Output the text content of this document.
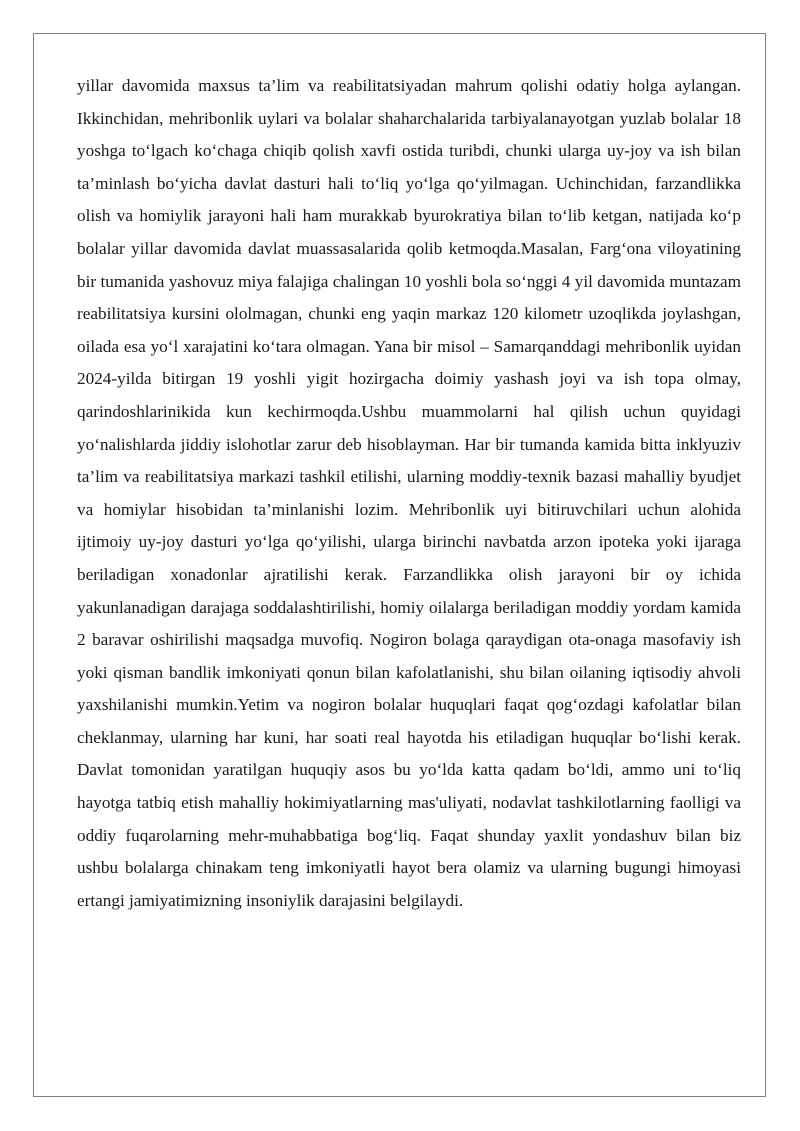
yillar davomida maxsus ta’lim va reabilitatsiyadan mahrum qolishi odatiy holga aylangan. Ikkinchidan, mehribonlik uylari va bolalar shaharchalarida tarbiyalanayotgan yuzlab bolalar 18 yoshga to‘lgach ko‘chaga chiqib qolish xavfi ostida turibdi, chunki ularga uy-joy va ish bilan ta’minlash bo‘yicha davlat dasturi hali to‘liq yo‘lga qo‘yilmagan. Uchinchidan, farzandlikka olish va homiylik jarayoni hali ham murakkab byurokratiya bilan to‘lib ketgan, natijada ko‘p bolalar yillar davomida davlat muassasalarida qolib ketmoqda.Masalan, Farg‘ona viloyatining bir tumanida yashovuz miya falajiga chalingan 10 yoshli bola so‘nggi 4 yil davomida muntazam reabilitatsiya kursini ololmagan, chunki eng yaqin markaz 120 kilometr uzoqlikda joylashgan, oilada esa yo‘l xarajatini ko‘tara olmagan. Yana bir misol – Samarqanddagi mehribonlik uyidan 2024-yilda bitirgan 19 yoshli yigit hozirgacha doimiy yashash joyi va ish topa olmay, qarindoshlarinikida kun kechirmoqda.Ushbu muammolarni hal qilish uchun quyidagi yo‘nalishlarda jiddiy islohotlar zarur deb hisoblayman. Har bir tumanda kamida bitta inklyuziv ta’lim va reabilitatsiya markazi tashkil etilishi, ularning moddiy-texnik bazasi mahalliy byudjet va homiylar hisobidan ta’minlanishi lozim. Mehribonlik uyi bitiruvchilari uchun alohida ijtimoiy uy-joy dasturi yo‘lga qo‘yilishi, ularga birinchi navbatda arzon ipoteka yoki ijaraga beriladigan xonadonlar ajratilishi kerak. Farzandlikka olish jarayoni bir oy ichida yakunlanadigan darajaga soddalashtirilishi, homiy oilalarga beriladigan moddiy yordam kamida 2 baravar oshirilishi maqsadga muvofiq. Nogiron bolaga qaraydigan ota-onaga masofaviy ish yoki qisman bandlik imkoniyati qonun bilan kafolatlanishi, shu bilan oilaning iqtisodiy ahvoli yaxshilanishi mumkin.Yetim va nogiron bolalar huquqlari faqat qog‘ozdagi kafolatlar bilan cheklanmay, ularning har kuni, har soati real hayotda his etiladigan huquqlar bo‘lishi kerak. Davlat tomonidan yaratilgan huquqiy asos bu yo‘lda katta qadam bo‘ldi, ammo uni to‘liq hayotga tatbiq etish mahalliy hokimiyatlarning mas'uliyati, nodavlat tashkilotlarning faolligi va oddiy fuqarolarning mehr-muhabbatiga bog‘liq. Faqat shunday yaxlit yondashuv bilan biz ushbu bolalarga chinakam teng imkoniyatli hayot bera olamiz va ularning bugungi himoyasi ertangi jamiyatimizning insoniylik darajasini belgilaydi.
